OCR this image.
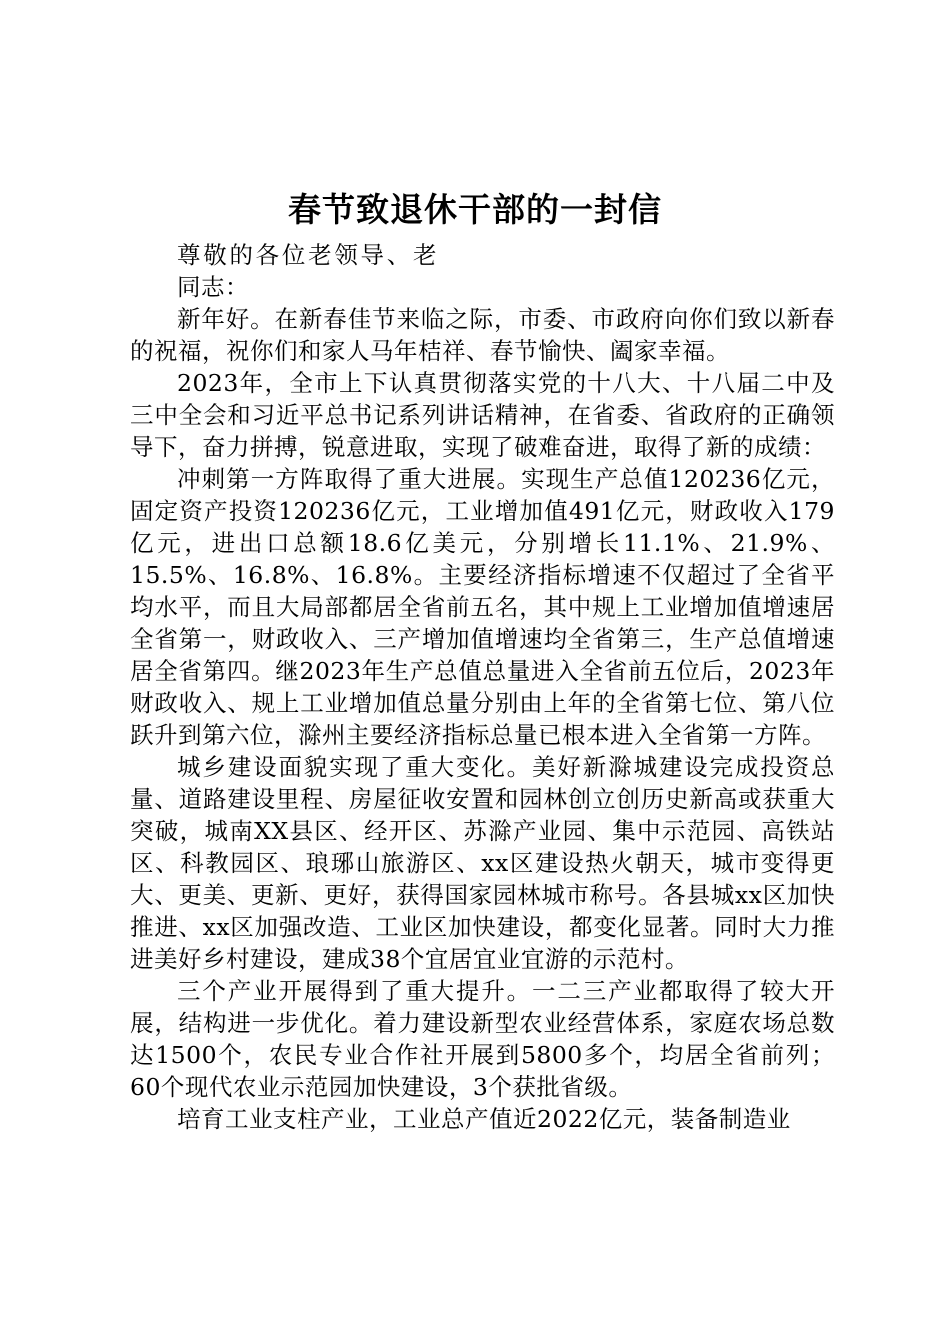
春节致退休干部的一封信
尊敬的各位老领导、老同志：

新年好。在新春佳节来临之际，市委、市政府向你们致以新春的祝福，祝你们和家人马年桔祥、春节愉快、阖家幸福。

2023年，全市上下认真贯彻落实党的十八大、十八届二中及三中全会和习近平总书记系列讲话精神，在省委、省政府的正确领导下，奋力拼搏，锐意进取，实现了破难奋进，取得了新的成绩：

冲刺第一方阵取得了重大进展。实现生产总值120236亿元，固定资产投资120236亿元，工业增加值491亿元，财政收入179亿元，进出口总额18.6亿美元，分别增长11.1%、21.9%、15.5%、16.8%、16.8%。主要经济指标增速不仅超过了全省平均水平，而且大局部都居全省前五名，其中规上工业增加值增速居全省第一，财政收入、三产增加值增速均全省第三，生产总值增速居全省第四。继2023年生产总值总量进入全省前五位后，2023年财政收入、规上工业增加值总量分别由上年的全省第七位、第八位跃升到第六位，滁州主要经济指标总量已根本进入全省第一方阵。

城乡建设面貌实现了重大变化。美好新滁城建设完成投资总量、道路建设里程、房屋征收安置和园林创立创历史新高或获重大突破，城南XX县区、经开区、苏滁产业园、集中示范园、高铁站区、科教园区、琅琊山旅游区、xx区建设热火朝天，城市变得更大、更美、更新、更好，获得国家园林城市称号。各县城xx区加快推进、xx区加强改造、工业区加快建设，都变化显著。同时大力推进美好乡村建设，建成38个宜居宜业宜游的示范村。

三个产业开展得到了重大提升。一二三产业都取得了较大开展，结构进一步优化。着力建设新型农业经营体系，家庭农场总数达1500个，农民专业合作社开展到5800多个，均居全省前列；60个现代农业示范园加快建设，3个获批省级。

培育工业支柱产业，工业总产值近2022亿元，装备制造业
